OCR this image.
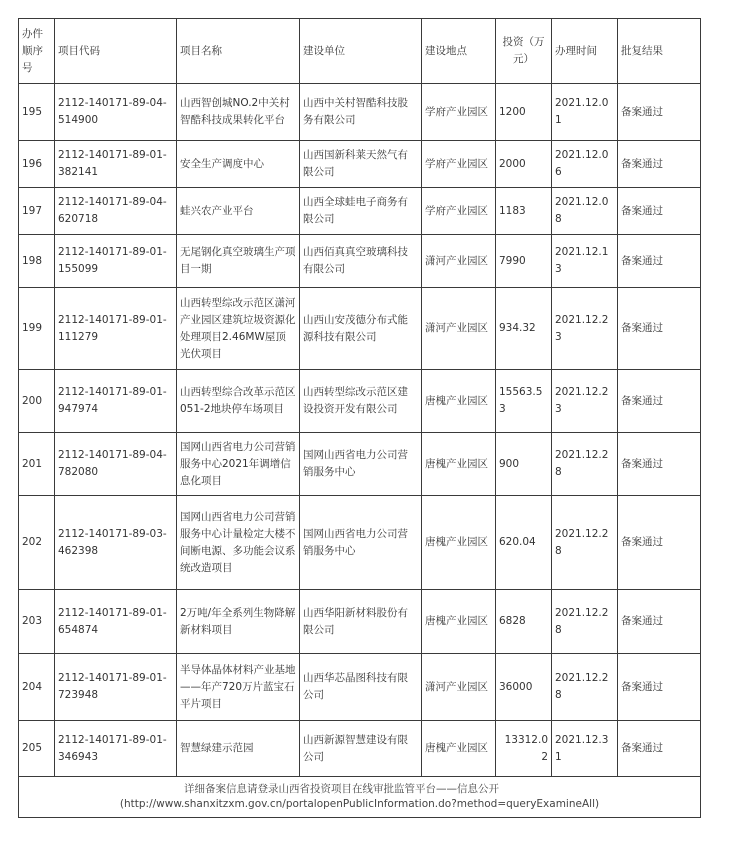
办件顺序号	项目代码	项目名称	建设单位	建设地点	投资（万元）	办理时间	批复结果
195	2112-140171-89-04-514900	山西智创城NO.2中关村智酷科技成果转化平台	山西中关村智酷科技股务有限公司	学府产业园区	1200	2021.12.01	备案通过
196	2112-140171-89-01-382141	安全生产调度中心	山西国新科莱天然气有限公司	学府产业园区	2000	2021.12.06	备案通过
197	2112-140171-89-04-620718	蛙兴农产业平台	山西全球蛙电子商务有限公司	学府产业园区	1183	2021.12.08	备案通过
198	2112-140171-89-01-155099	无尾钢化真空玻璃生产项目一期	山西佰真真空玻璃科技有限公司	潇河产业园区	7990	2021.12.13	备案通过
199	2112-140171-89-01-111279	山西转型综改示范区潇河产业园区建筑垃圾资源化处理项目2.46MW屋顶光伏项目	山西山安茂德分布式能源科技有限公司	潇河产业园区	934.32	2021.12.23	备案通过
200	2112-140171-89-01-947974	山西转型综合改革示范区051-2地块停车场项目	山西转型综改示范区建设投资开发有限公司	唐槐产业园区	15563.53	2021.12.23	备案通过
201	2112-140171-89-04-782080	国网山西省电力公司营销服务中心2021年调增信息化项目	国网山西省电力公司营销服务中心	唐槐产业园区	900	2021.12.28	备案通过
202	2112-140171-89-03-462398	国网山西省电力公司营销服务中心计量检定大楼不间断电源、多功能会议系统改造项目	国网山西省电力公司营销服务中心	唐槐产业园区	620.04	2021.12.28	备案通过
203	2112-140171-89-01-654874	2万吨/年全系列生物降解新材料项目	山西华阳新材料股份有限公司	唐槐产业园区	6828	2021.12.28	备案通过
204	2112-140171-89-01-723948	半导体晶体材料产业基地——年产720万片蓝宝石平片项目	山西华芯晶图科技有限公司	潇河产业园区	36000	2021.12.28	备案通过
205	2112-140171-89-01-346943	智慧绿建示范园	山西新源智慧建设有限公司	唐槐产业园区	13312.02	2021.12.31	备案通过

详细备案信息请登录山西省投资项目在线审批监管平台——信息公开
(http://www.shanxitzxm.gov.cn/portalopenPublicInformation.do?method=queryExamineAll)							
